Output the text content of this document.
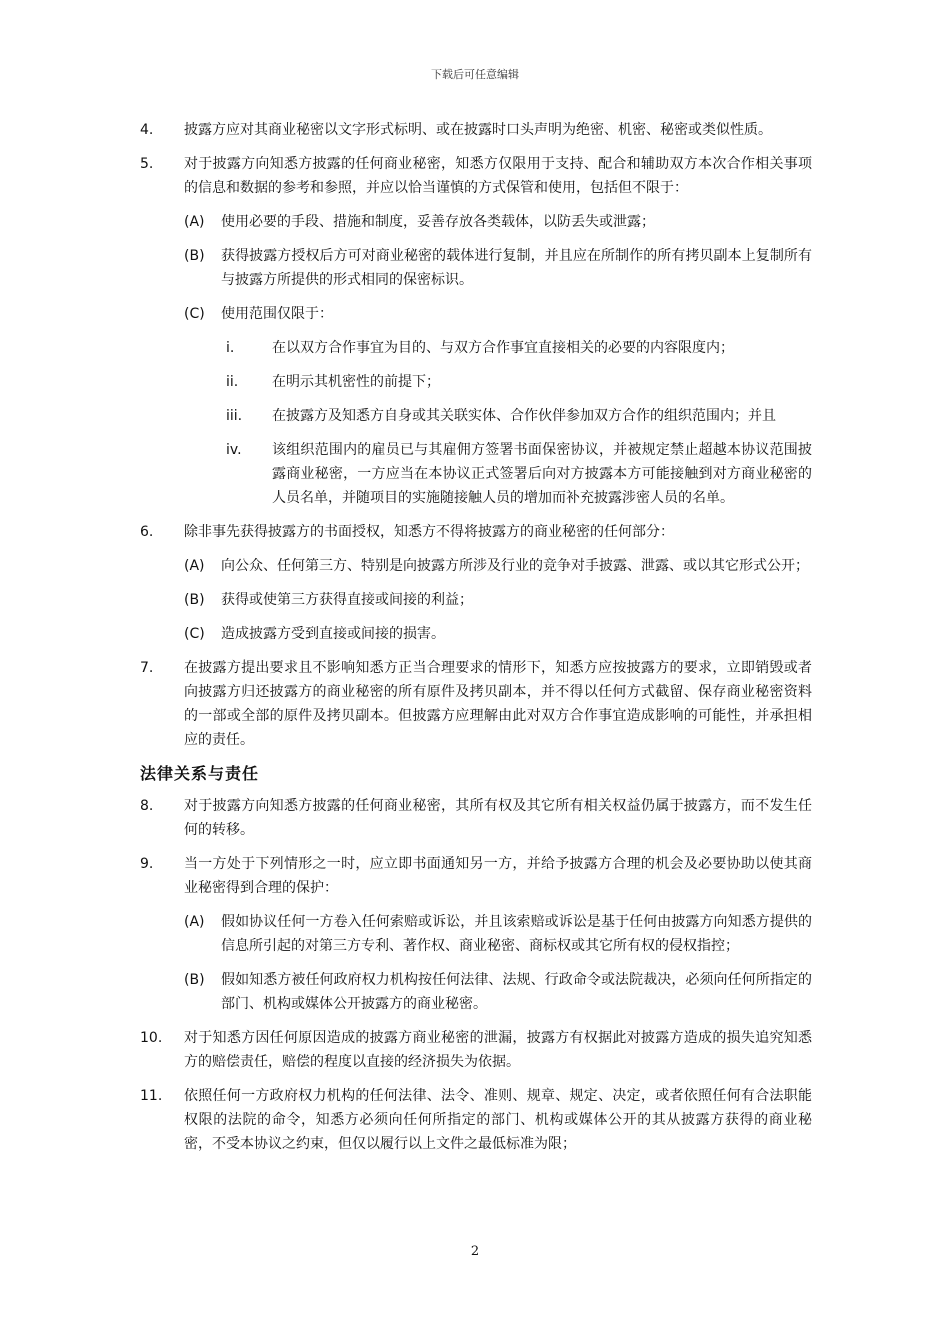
下载后可任意编辑
4.	披露方应对其商业秘密以文字形式标明、或在披露时口头声明为绝密、机密、秘密或类似性质。
5.	对于披露方向知悉方披露的任何商业秘密，知悉方仅限用于支持、配合和辅助双方本次合作相关事项的信息和数据的参考和参照，并应以恰当谨慎的方式保管和使用，包括但不限于：
(A)	使用必要的手段、措施和制度，妥善存放各类载体，以防丢失或泄露；
(B)	获得披露方授权后方可对商业秘密的载体进行复制，并且应在所制作的所有拷贝副本上复制所有与披露方所提供的形式相同的保密标识。
(C)	使用范围仅限于：
i.	在以双方合作事宜为目的、与双方合作事宜直接相关的必要的内容限度内；
ii.	在明示其机密性的前提下；
iii.	在披露方及知悉方自身或其关联实体、合作伙伴参加双方合作的组织范围内；并且
iv.	该组织范围内的雇员已与其雇佣方签署书面保密协议，并被规定禁止超越本协议范围披露商业秘密，一方应当在本协议正式签署后向对方披露本方可能接触到对方商业秘密的人员名单，并随项目的实施随接触人员的增加而补充披露涉密人员的名单。
6.	除非事先获得披露方的书面授权，知悉方不得将披露方的商业秘密的任何部分：
(A)	向公众、任何第三方、特别是向披露方所涉及行业的竞争对手披露、泄露、或以其它形式公开；
(B)	获得或使第三方获得直接或间接的利益；
(C)	造成披露方受到直接或间接的损害。
7.	在披露方提出要求且不影响知悉方正当合理要求的情形下，知悉方应按披露方的要求，立即销毁或者向披露方归还披露方的商业秘密的所有原件及拷贝副本，并不得以任何方式截留、保存商业秘密资料的一部或全部的原件及拷贝副本。但披露方应理解由此对双方合作事宜造成影响的可能性，并承担相应的责任。
法律关系与责任
8.	对于披露方向知悉方披露的任何商业秘密，其所有权及其它所有相关权益仍属于披露方，而不发生任何的转移。
9.	当一方处于下列情形之一时，应立即书面通知另一方，并给予披露方合理的机会及必要协助以使其商业秘密得到合理的保护：
(A)	假如协议任何一方卷入任何索赔或诉讼，并且该索赔或诉讼是基于任何由披露方向知悉方提供的信息所引起的对第三方专利、著作权、商业秘密、商标权或其它所有权的侵权指控；
(B)	假如知悉方被任何政府权力机构按任何法律、法规、行政命令或法院裁决，必须向任何所指定的部门、机构或媒体公开披露方的商业秘密。
10.	对于知悉方因任何原因造成的披露方商业秘密的泄漏，披露方有权据此对披露方造成的损失追究知悉方的赔偿责任，赔偿的程度以直接的经济损失为依据。
11.	依照任何一方政府权力机构的任何法律、法令、准则、规章、规定、决定，或者依照任何有合法职能权限的法院的命令，知悉方必须向任何所指定的部门、机构或媒体公开的其从披露方获得的商业秘密，不受本协议之约束，但仅以履行以上文件之最低标准为限；
2
